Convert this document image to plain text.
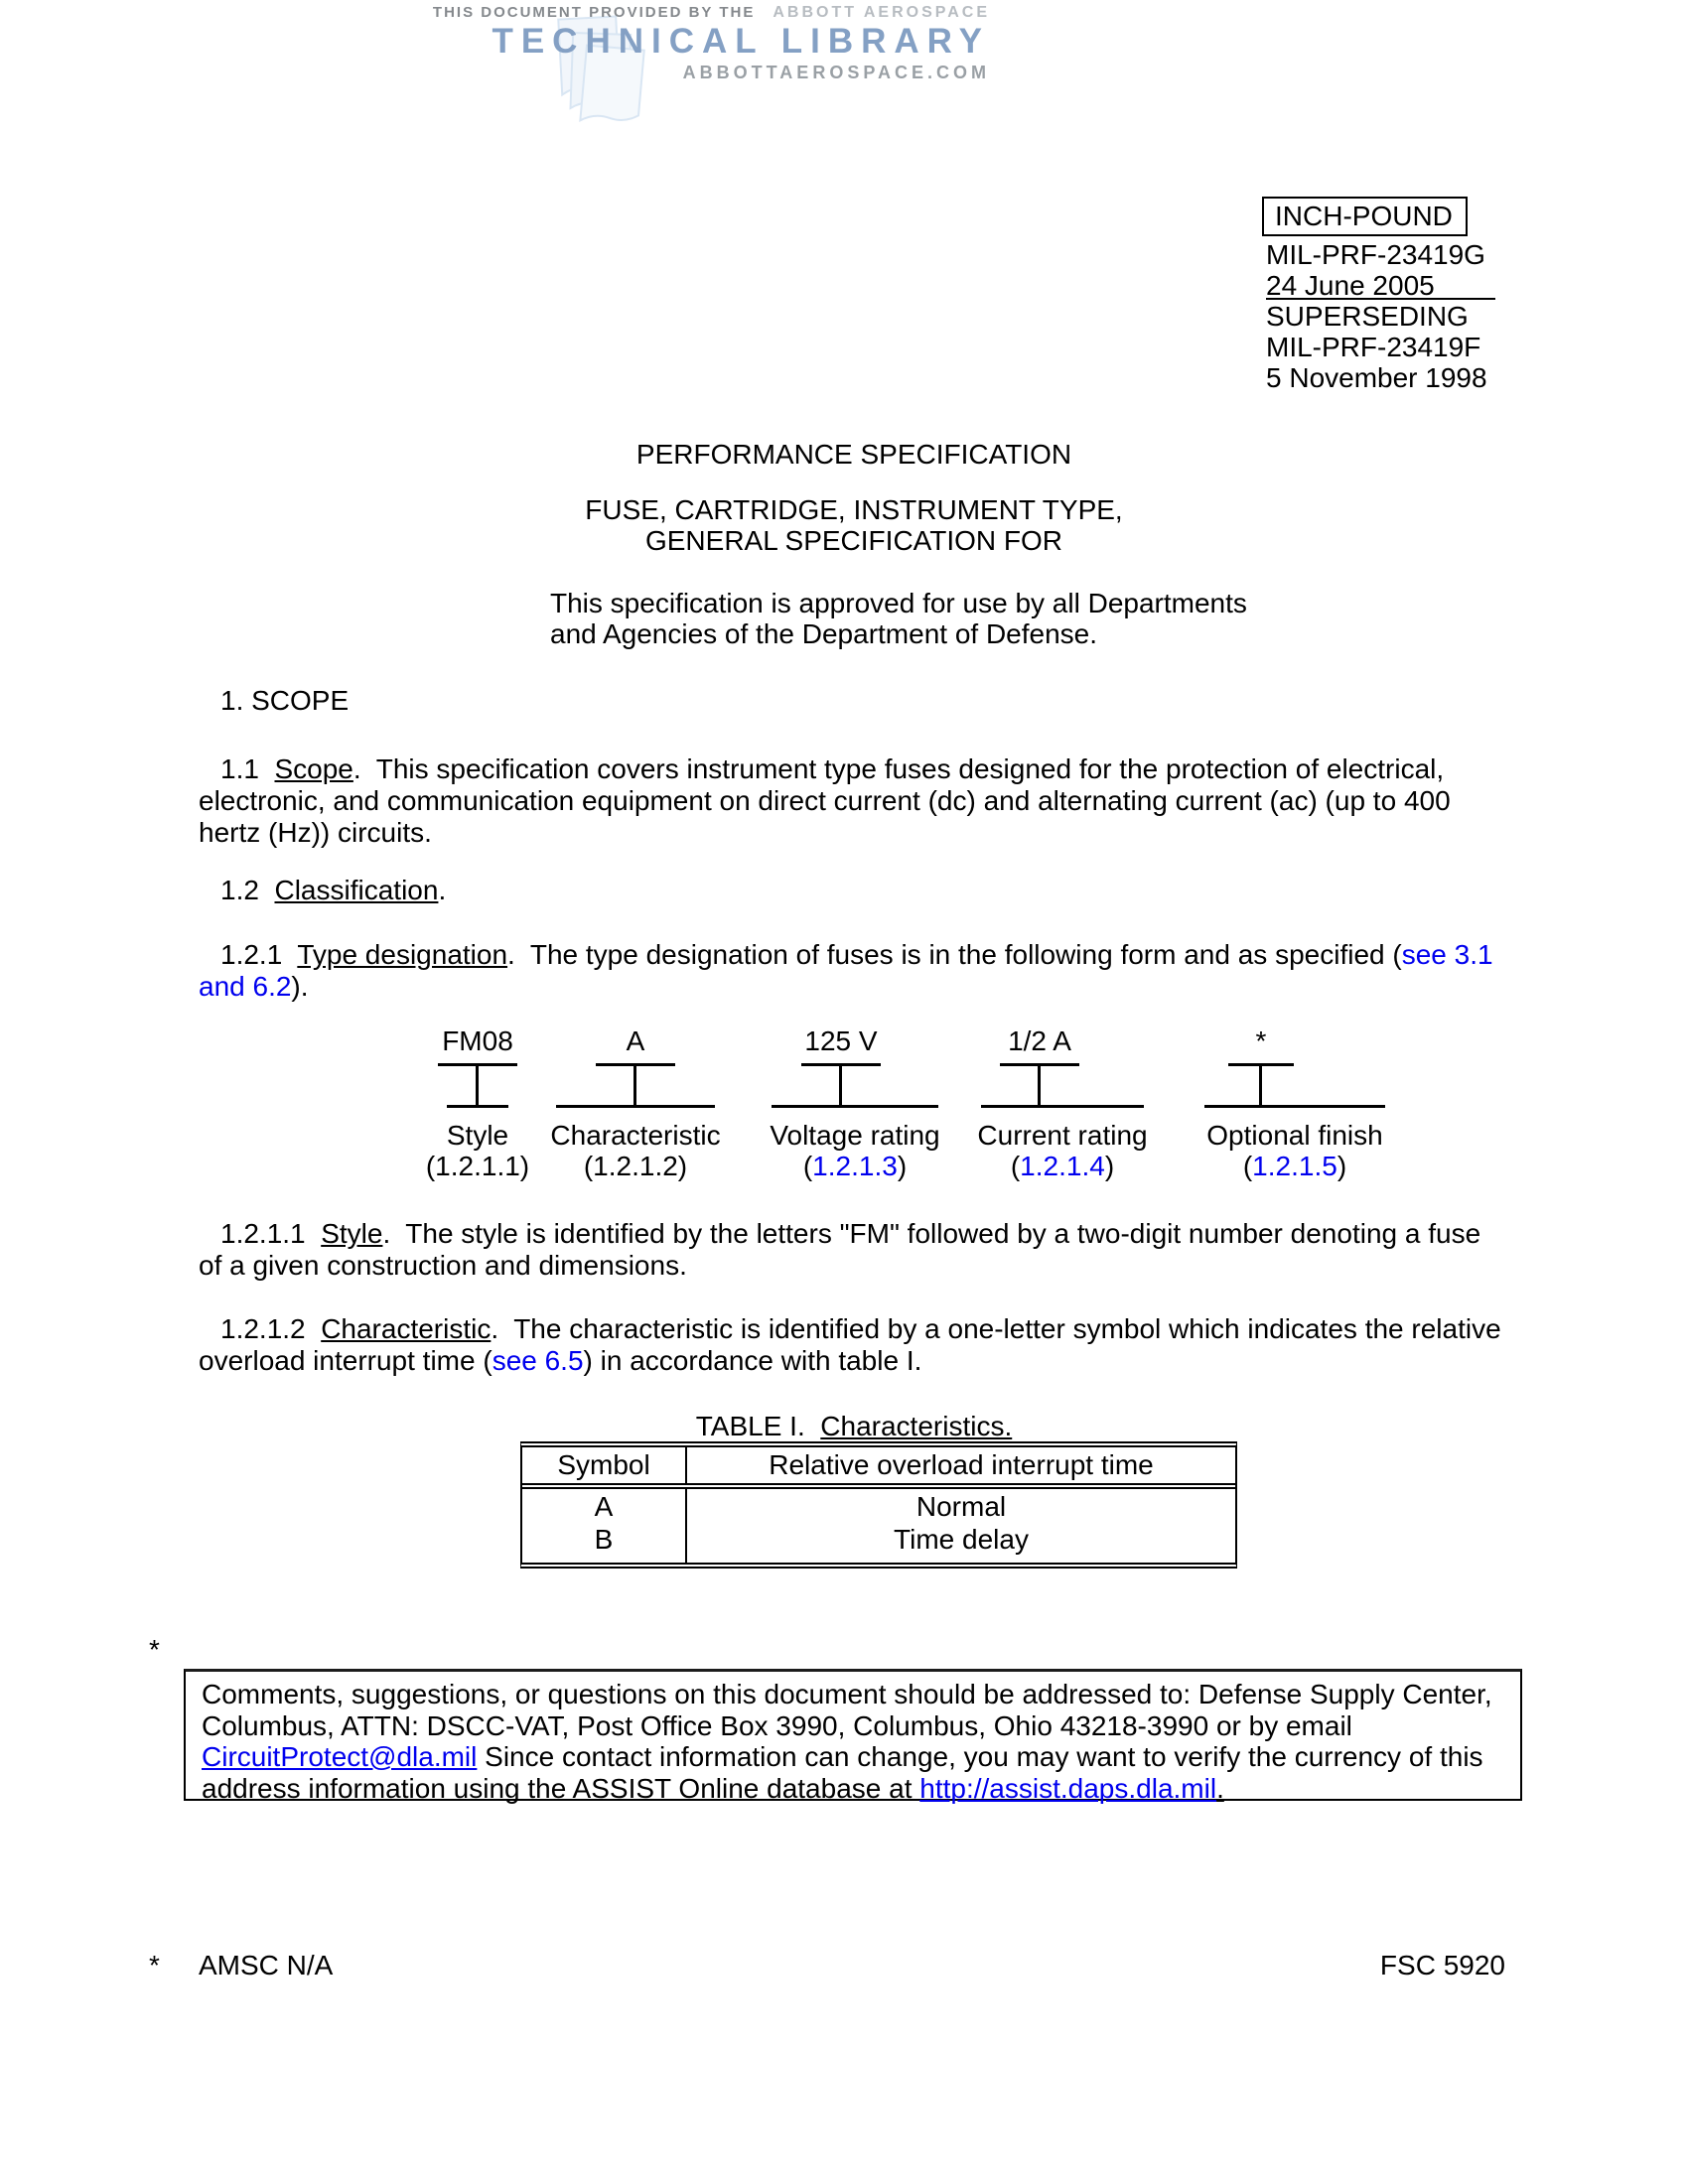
THIS DOCUMENT PROVIDED BY THE ABBOTT AEROSPACE
TECHNICAL LIBRARY
ABBOTTAEROSPACE.COM
INCH-POUND
MIL-PRF-23419G
24 June 2005
SUPERSEDING
MIL-PRF-23419F
5 November 1998
PERFORMANCE SPECIFICATION
FUSE, CARTRIDGE, INSTRUMENT TYPE,
GENERAL SPECIFICATION FOR
This specification is approved for use by all Departments
and Agencies of the Department of Defense.
1. SCOPE
1.1  Scope.  This specification covers instrument type fuses designed for the protection of electrical,
electronic, and communication equipment on direct current (dc) and alternating current (ac) (up to 400
hertz (Hz)) circuits.
1.2  Classification.
1.2.1  Type designation.  The type designation of fuses is in the following form and as specified (see 3.1
and 6.2).
FM08
Style
(1.2.1.1)
A
Characteristic
(1.2.1.2)
125 V
Voltage rating
(1.2.1.3)
1/2 A
Current rating
(1.2.1.4)
*
Optional finish
(1.2.1.5)
1.2.1.1  Style.  The style is identified by the letters "FM" followed by a two-digit number denoting a fuse
of a given construction and dimensions.
1.2.1.2  Characteristic.  The characteristic is identified by a one-letter symbol which indicates the relative
overload interrupt time (see 6.5) in accordance with table I.
TABLE I.  Characteristics.
Symbol	Relative overload interrupt time
A	Normal
B	Time delay
*
Comments, suggestions, or questions on this document should be addressed to: Defense Supply Center,
Columbus, ATTN: DSCC-VAT, Post Office Box 3990, Columbus, Ohio 43218-3990 or by email
CircuitProtect@dla.mil Since contact information can change, you may want to verify the currency of this
address information using the ASSIST Online database at http://assist.daps.dla.mil.
* AMSC N/A	FSC 5920
